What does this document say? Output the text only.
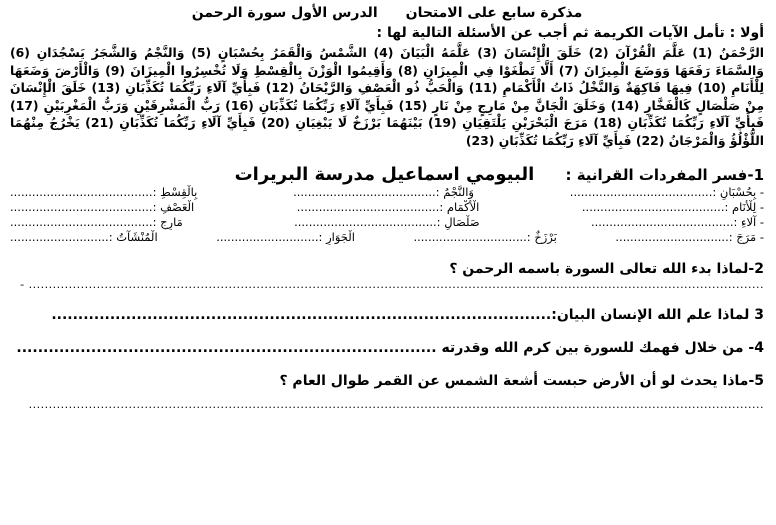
مذكرة سابع على الامتحانالدرس الأول سورة الرحمن
أولا : تأمل الآيات الكريمة ثم أجب عن الأسئلة التالية لها :
الرَّحْمَنُ (1) عَلَّمَ الْقُرْآنَ (2) خَلَقَ الْإِنْسَانَ (3) عَلَّمَهُ الْبَيَانَ (4) الشَّمْسُ وَالْقَمَرُ بِحُسْبَانٍ (5) وَالنَّجْمُ وَالشَّجَرُ يَسْجُدَانِ (6) وَالسَّمَاءَ رَفَعَهَا وَوَضَعَ الْمِيزَانَ (7) أَلَّا تَطْغَوْا فِي الْمِيزَانِ (8) وَأَقِيمُوا الْوَزْنَ بِالْقِسْطِ وَلَا تُخْسِرُوا الْمِيزَانَ (9) وَالْأَرْضَ وَضَعَهَا لِلْأَنَامِ (10) فِيهَا فَاكِهَةٌ وَالنَّخْلُ ذَاتُ الْأَكْمَامِ (11) وَالْحَبُّ ذُو الْعَصْفِ وَالرَّيْحَانُ (12) فَبِأَيِّ آلَاءِ رَبِّكُمَا تُكَذِّبَانِ (13) خَلَقَ الْإِنْسَانَ مِنْ صَلْصَالٍ كَالْفَخَّارِ (14) وَخَلَقَ الْجَانَّ مِنْ مَارِجٍ مِنْ نَارٍ (15) فَبِأَيِّ آلَاءِ رَبِّكُمَا تُكَذِّبَانِ (16) رَبُّ الْمَشْرِقَيْنِ وَرَبُّ الْمَغْرِبَيْنِ (17) فَبِأَيِّ آلَاءِ رَبِّكُمَا تُكَذِّبَانِ (18) مَرَجَ الْبَحْرَيْنِ يَلْتَقِيَانِ (19) بَيْنَهُمَا بَرْزَخٌ لَا يَبْغِيَانِ (20) فَبِأَيِّ آلَاءِ رَبِّكُمَا تُكَذِّبَانِ (21) يَخْرُجُ مِنْهُمَا اللُّؤْلُؤُ وَالْمَرْجَانُ (22) فَبِأَيِّ آلَاءِ رَبِّكُمَا تُكَذِّبَانِ (23)
1-فسر المفردات القرانية : البيومي اسماعيل مدرسة البريرات
- بِحُسْبَانٍ :.......................................
وَالنَّجْمُ :.......................................
بِالْقِسْطِ :.......................................
- لِلْأَنَامِ :.......................................
الْأَكْمَامِ :.......................................
الْعَصْفِ :.......................................
- آَلاءِ :.......................................
صَلْصَالٍ :.......................................
مَارِجٍ :.......................................
- مَرَجَ :...............................
بَرْزَخٌ :...............................
الْجَوَارِ :............................
الْمُنْشَآتُ :...........................
2-لماذا بدء الله تعالى السورة باسمه الرحمن ؟
........................................................................................................................................................................................ -
3 لماذا علم الله الإنسان البيان:..............................................................................................
4- من خلال فهمك للسورة بين كرم الله وقدرته ...............................................................................
5-ماذا يحدث لو أن الأرض حبست أشعة الشمس عن القمر طوال العام ؟
........................................................................................................................................................................................
